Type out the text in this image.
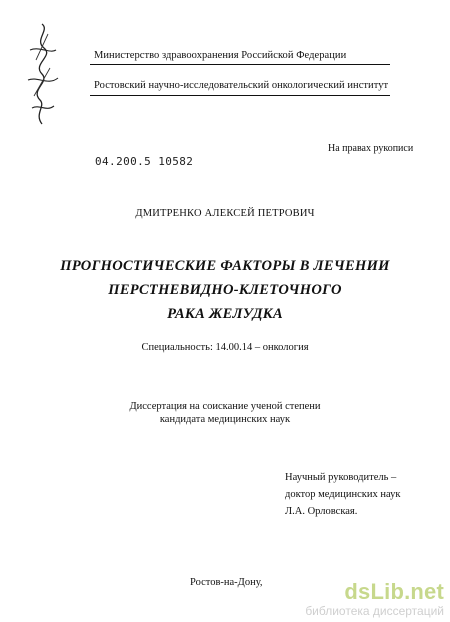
Министерство здравоохранения Российской Федерации
Ростовский научно-исследовательский онкологический институт
На правах рукописи
04.200.5 10582
ДМИТРЕНКО АЛЕКСЕЙ ПЕТРОВИЧ
ПРОГНОСТИЧЕСКИЕ ФАКТОРЫ В ЛЕЧЕНИИ
ПЕРСТНЕВИДНО-КЛЕТОЧНОГО
РАКА ЖЕЛУДКА
Специальность: 14.00.14 – онкология
Диссертация на соискание ученой степени
кандидата медицинских наук
Научный руководитель –
доктор медицинских наук
Л.А. Орловская.
Ростов-на-Дону,	dsLib.net
библиотека диссертаций
